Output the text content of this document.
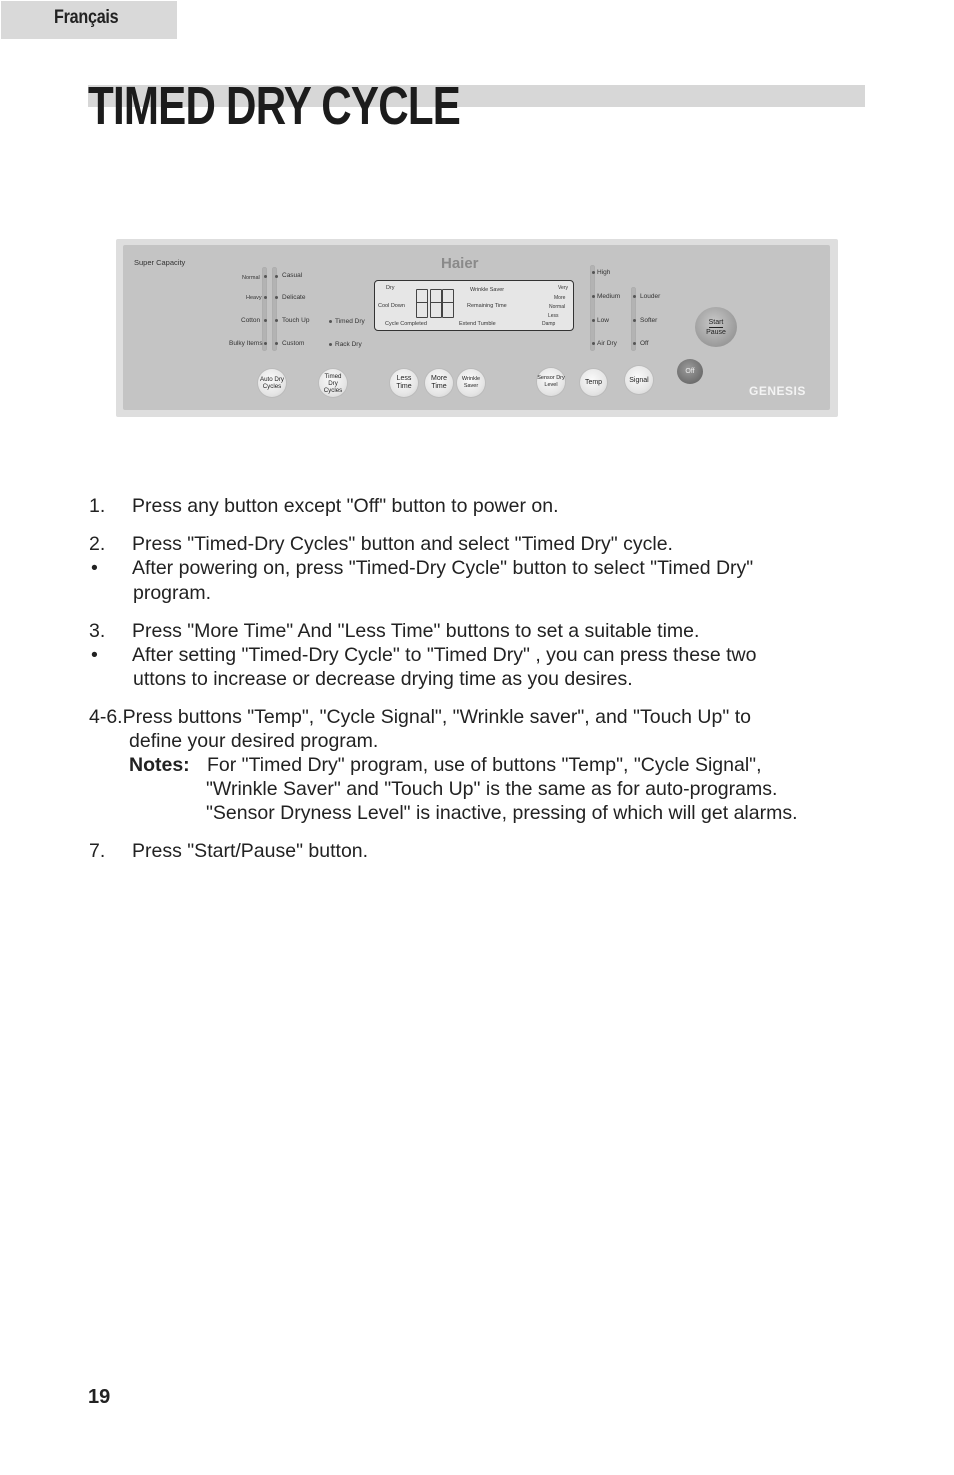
Français
TIMED DRY CYCLE
Super Capacity	Haier
Normal
Heavy
Cotton
Bulky Items
Casual
Delicate
Touch Up
Custom
Timed Dry
Rack Dry
Dry
Cool Down
Cycle Completed
Wrinkle Saver
Remaining Time
Extend Tumble
Very
More
Normal
Less
Damp
High
Medium
Low
Air Dry
Louder
Softer
Off
Auto Dry Cycles
Timed Dry Cycles
Less Time
More Time
Wrinkle Saver
Sensor Dry Level	Temp	Signal
Off
Start
Pause
GENESIS
1. Press any button except "Off" button to power on.
2. Press "Timed-Dry Cycles" button and select "Timed Dry" cycle.
• After powering on, press "Timed-Dry Cycle" button to select "Timed Dry"
program.
3. Press "More Time" And "Less Time" buttons to set a suitable time.
• After setting "Timed-Dry Cycle" to "Timed Dry" , you can press these two
uttons to increase or decrease drying time as you desires.
4-6.Press buttons "Temp", "Cycle Signal", "Wrinkle saver", and "Touch Up" to
define your desired program.
Notes: For "Timed Dry" program, use of buttons "Temp", "Cycle Signal",
"Wrinkle Saver" and "Touch Up" is the same as for auto-programs.
"Sensor Dryness Level" is inactive, pressing of which will get alarms.
7. Press "Start/Pause" button.
19
